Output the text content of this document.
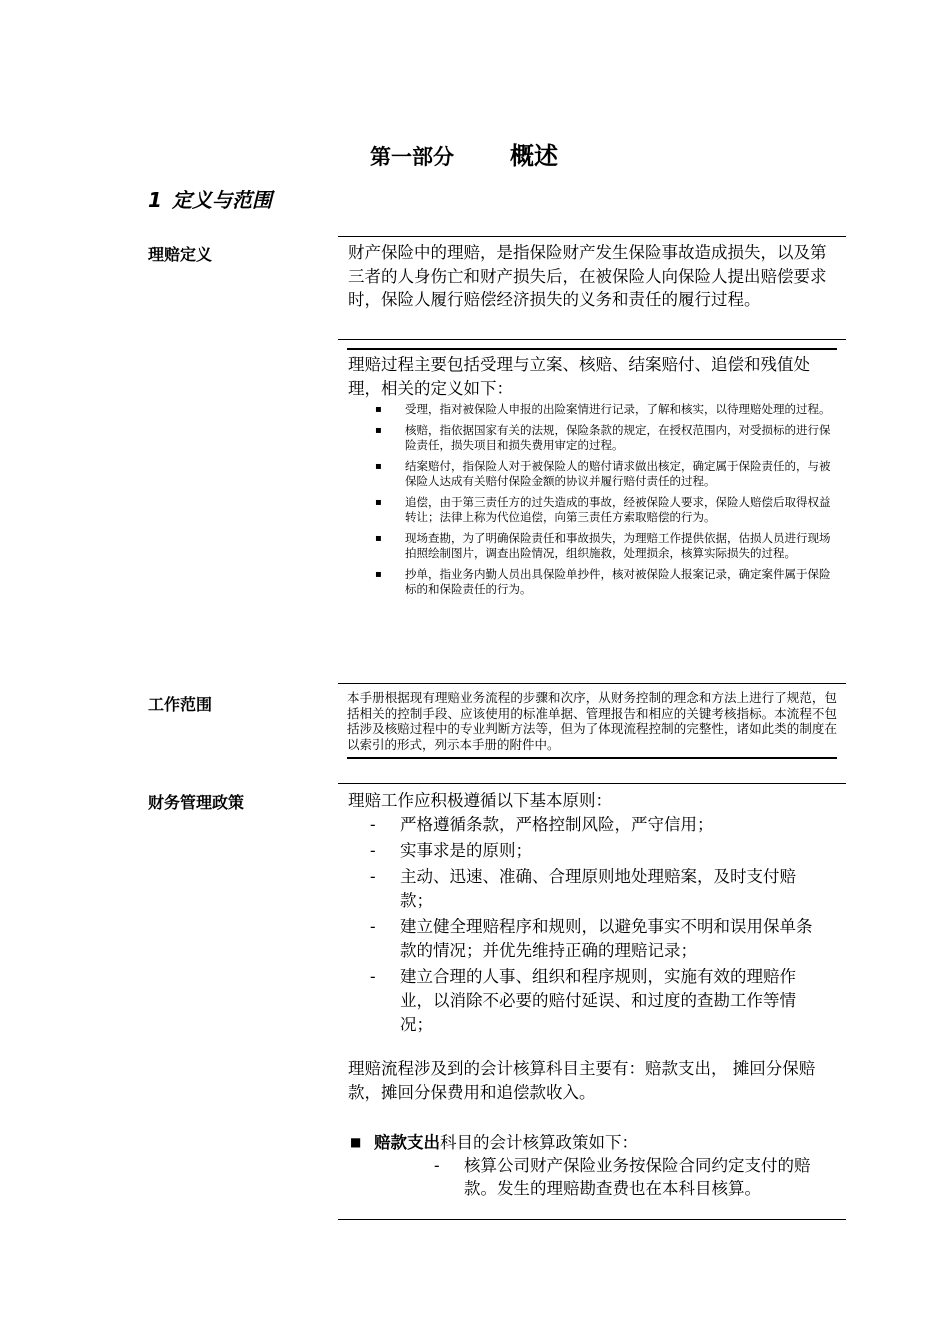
第一部分 概述
1 定义与范围
理赔定义	财产保险中的理赔，是指保险财产发生保险事故造成损失，以及第三者的人身伤亡和财产损失后，在被保险人向保险人提出赔偿要求时，保险人履行赔偿经济损失的义务和责任的履行过程。
理赔过程主要包括受理与立案、核赔、结案赔付、追偿和残值处理，相关的定义如下：
▪ 受理，指对被保险人申报的出险案情进行记录，了解和核实，以待理赔处理的过程。
▪ 核赔，指依据国家有关的法规，保险条款的规定，在授权范围内，对受损标的进行保险责任，损失项目和损失费用审定的过程。
▪ 结案赔付，指保险人对于被保险人的赔付请求做出核定，确定属于保险责任的，与被保险人达成有关赔付保险金额的协议并履行赔付责任的过程。
▪ 追偿，由于第三责任方的过失造成的事故，经被保险人要求，保险人赔偿后取得权益转让；法律上称为代位追偿，向第三责任方索取赔偿的行为。
▪ 现场查勘，为了明确保险责任和事故损失，为理赔工作提供依据，估损人员进行现场拍照绘制图片，调查出险情况，组织施救，处理损余，核算实际损失的过程。
▪ 抄单，指业务内勤人员出具保险单抄件，核对被保险人报案记录，确定案件属于保险标的和保险责任的行为。
工作范围	本手册根据现有理赔业务流程的步骤和次序，从财务控制的理念和方法上进行了规范，包括相关的控制手段、应该使用的标准单据、管理报告和相应的关键考核指标。本流程不包括涉及核赔过程中的专业判断方法等，但为了体现流程控制的完整性，诸如此类的制度在以索引的形式，列示本手册的附件中。
财务管理政策	理赔工作应积极遵循以下基本原则：
- 严格遵循条款，严格控制风险，严守信用；
- 实事求是的原则；
- 主动、迅速、准确、合理原则地处理赔案，及时支付赔款；
- 建立健全理赔程序和规则，以避免事实不明和误用保单条款的情况；并优先维持正确的理赔记录；
- 建立合理的人事、组织和程序规则，实施有效的理赔作业，以消除不必要的赔付延误、和过度的查勘工作等情况；
理赔流程涉及到的会计核算科目主要有：赔款支出， 摊回分保赔款，摊回分保费用和追偿款收入。
■ 赔款支出科目的会计核算政策如下：
- 核算公司财产保险业务按保险合同约定支付的赔款。发生的理赔勘查费也在本科目核算。
